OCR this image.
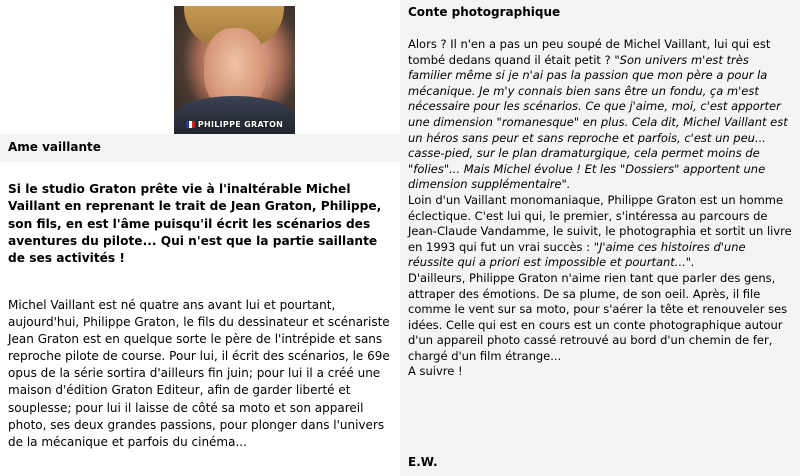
PHILIPPE GRATON
Ame vaillante
Si le studio Graton prête vie à l'inaltérable Michel Vaillant en reprenant le trait de Jean Graton, Philippe, son fils, en est l'âme puisqu'il écrit les scénarios des aventures du pilote... Qui n'est que la partie saillante de ses activités !
Michel Vaillant est né quatre ans avant lui et pourtant, aujourd'hui, Philippe Graton, le fils du dessinateur et scénariste Jean Graton est en quelque sorte le père de l'intrépide et sans reproche pilote de course. Pour lui, il écrit des scénarios, le 69e opus de la série sortira d'ailleurs fin juin; pour lui il a créé une maison d'édition Graton Editeur, afin de garder liberté et souplesse; pour lui il laisse de côté sa moto et son appareil photo, ses deux grandes passions, pour plonger dans l'univers de la mécanique et parfois du cinéma...
Conte photographique
Alors ? Il n'en a pas un peu soupé de Michel Vaillant, lui qui est tombé dedans quand il était petit ? "Son univers m'est très familier même si je n'ai pas la passion que mon père a pour la mécanique. Je m'y connais bien sans être un fondu, ça m'est nécessaire pour les scénarios. Ce que j'aime, moi, c'est apporter une dimension "romanesque" en plus. Cela dit, Michel Vaillant est un héros sans peur et sans reproche et parfois, c'est un peu... casse-pied, sur le plan dramaturgique, cela permet moins de "folies"... Mais Michel évolue ! Et les "Dossiers" apportent une dimension supplémentaire".
Loin d'un Vaillant monomaniaque, Philippe Graton est un homme éclectique. C'est lui qui, le premier, s'intéressa au parcours de Jean-Claude Vandamme, le suivit, le photographia et sortit un livre en 1993 qui fut un vrai succès : "J'aime ces histoires d'une réussite qui a priori est impossible et pourtant...".
D'ailleurs, Philippe Graton n'aime rien tant que parler des gens, attraper des émotions. De sa plume, de son oeil. Après, il file comme le vent sur sa moto, pour s'aérer la tête et renouveler ses idées. Celle qui est en cours est un conte photographique autour d'un appareil photo cassé retrouvé au bord d'un chemin de fer, chargé d'un film étrange...
A suivre !
E.W.
